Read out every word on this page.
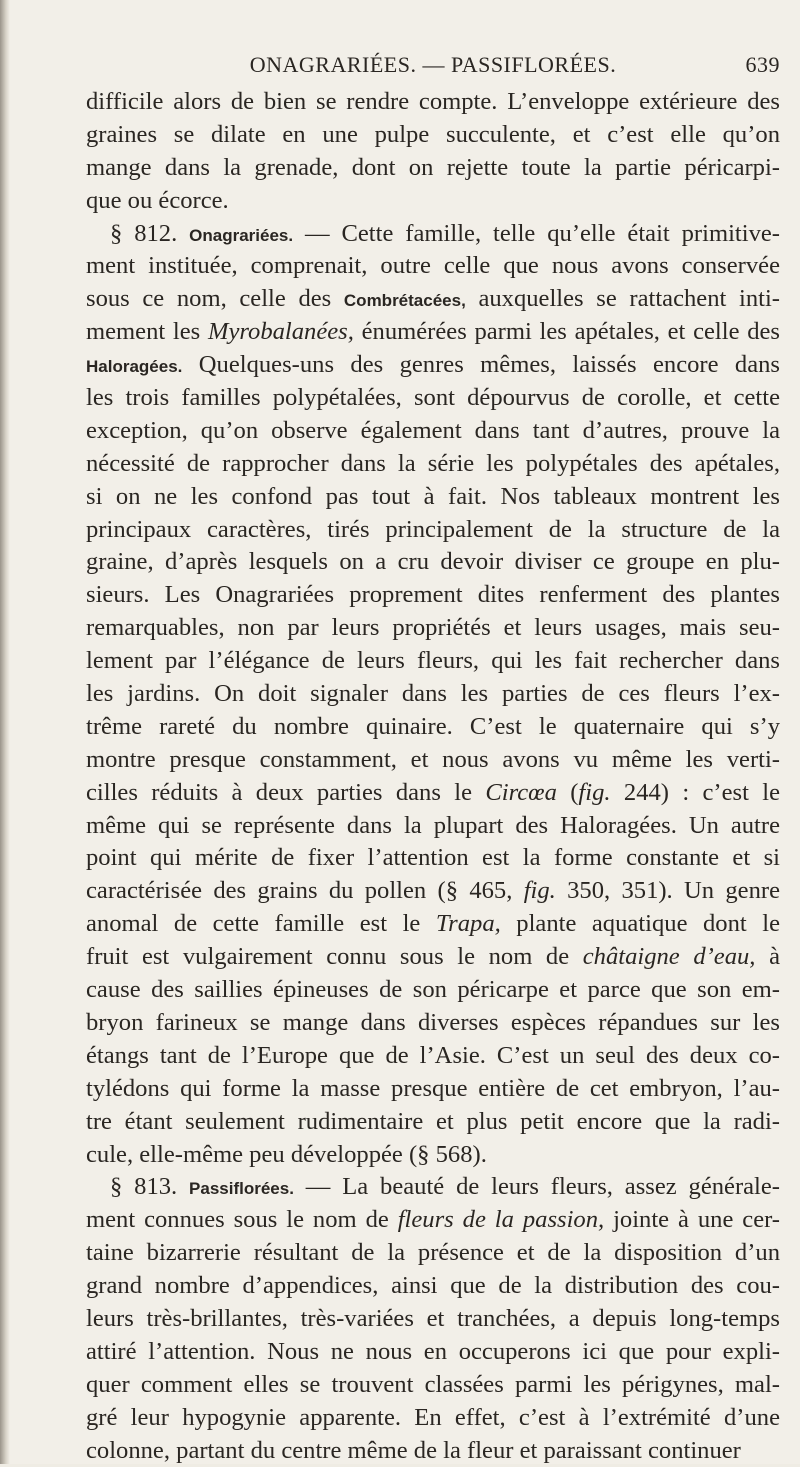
ONAGRARIÉES. — PASSIFLORÉES.	639
difficile alors de bien se rendre compte. L’enveloppe extérieure des
graines se dilate en une pulpe succulente, et c’est elle qu’on
mange dans la grenade, dont on rejette toute la partie péricarpi-
que ou écorce.
§ 812. Onagrariées. — Cette famille, telle qu’elle était primitive-
ment instituée, comprenait, outre celle que nous avons conservée
sous ce nom, celle des Combrétacées, auxquelles se rattachent inti-
mement les Myrobalanées, énumérées parmi les apétales, et celle des
Haloragées. Quelques-uns des genres mêmes, laissés encore dans
les trois familles polypétalées, sont dépourvus de corolle, et cette
exception, qu’on observe également dans tant d’autres, prouve la
nécessité de rapprocher dans la série les polypétales des apétales,
si on ne les confond pas tout à fait. Nos tableaux montrent les
principaux caractères, tirés principalement de la structure de la
graine, d’après lesquels on a cru devoir diviser ce groupe en plu-
sieurs. Les Onagrariées proprement dites renferment des plantes
remarquables, non par leurs propriétés et leurs usages, mais seu-
lement par l’élégance de leurs fleurs, qui les fait rechercher dans
les jardins. On doit signaler dans les parties de ces fleurs l’ex-
trême rareté du nombre quinaire. C’est le quaternaire qui s’y
montre presque constamment, et nous avons vu même les verti-
cilles réduits à deux parties dans le Circœa (fig. 244) : c’est le
même qui se représente dans la plupart des Haloragées. Un autre
point qui mérite de fixer l’attention est la forme constante et si
caractérisée des grains du pollen (§ 465, fig. 350, 351). Un genre
anomal de cette famille est le Trapa, plante aquatique dont le
fruit est vulgairement connu sous le nom de châtaigne d’eau, à
cause des saillies épineuses de son péricarpe et parce que son em-
bryon farineux se mange dans diverses espèces répandues sur les
étangs tant de l’Europe que de l’Asie. C’est un seul des deux co-
tylédons qui forme la masse presque entière de cet embryon, l’au-
tre étant seulement rudimentaire et plus petit encore que la radi-
cule, elle-même peu développée (§ 568).
§ 813. Passiflorées. — La beauté de leurs fleurs, assez générale-
ment connues sous le nom de fleurs de la passion, jointe à une cer-
taine bizarrerie résultant de la présence et de la disposition d’un
grand nombre d’appendices, ainsi que de la distribution des cou-
leurs très-brillantes, très-variées et tranchées, a depuis long-temps
attiré l’attention. Nous ne nous en occuperons ici que pour expli-
quer comment elles se trouvent classées parmi les périgynes, mal-
gré leur hypogynie apparente. En effet, c’est à l’extrémité d’une
colonne, partant du centre même de la fleur et paraissant continuer
